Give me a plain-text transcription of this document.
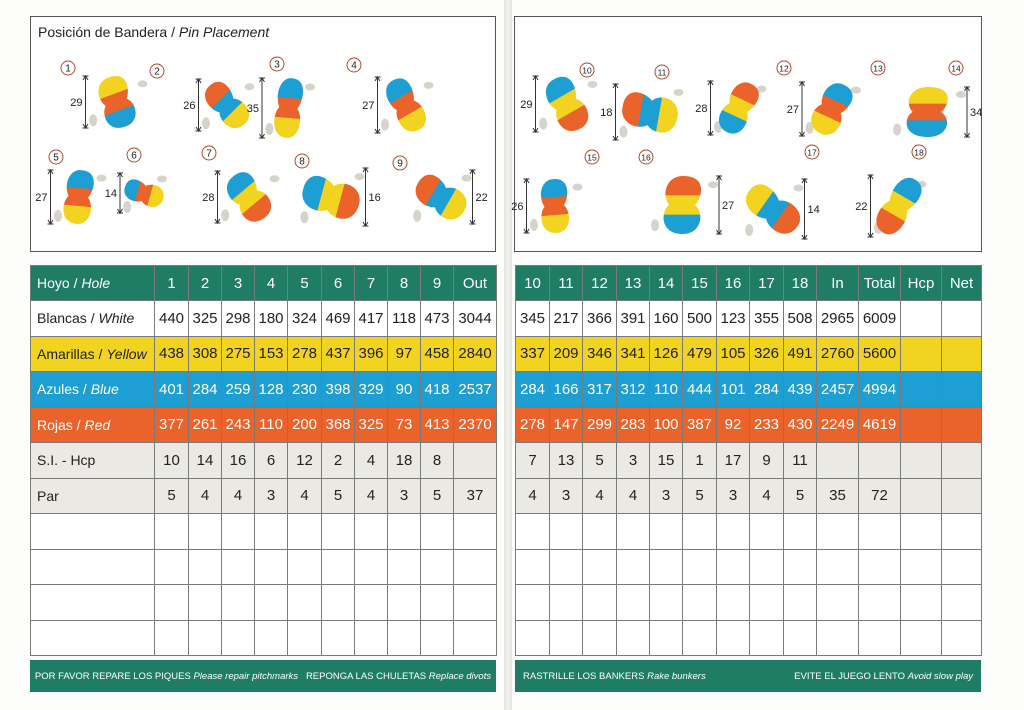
Posición de Bandera / Pin Placement
29
1
26
2
35
3
27
4
27
5
14
6
28
7
16
8
22
9
29
10
18
11
28
12
27
13
34
14
26
15
27
16
14
17
22
18
Hoyo / Hole	1	2	3	4	5	6	7	8	9	Out
Blancas / White	440	325	298	180	324	469	417	118	473	3044
Amarillas / Yellow	438	308	275	153	278	437	396	97	458	2840
Azules / Blue	401	284	259	128	230	398	329	90	418	2537
Rojas / Red	377	261	243	110	200	368	325	73	413	2370
S.I. - Hcp	10	14	16	6	12	2	4	18	8	
Par	5	4	4	3	4	5	4	3	5	37

10	11	12	13	14	15	16	17	18	In	Total	Hcp	Net
345	217	366	391	160	500	123	355	508	2965	6009		
337	209	346	341	126	479	105	326	491	2760	5600		
284	166	317	312	110	444	101	284	439	2457	4994		
278	147	299	283	100	387	92	233	430	2249	4619		
7	13	5	3	15	1	17	9	11				
4	3	4	4	3	5	3	4	5	35	72		

POR FAVOR REPARE LOS PIQUES Please repair pitchmarks REPONGA LAS CHULETAS Replace divots	RASTRILLE LOS BANKERS Rake bunkers	EVITE EL JUEGO LENTO Avoid slow play
